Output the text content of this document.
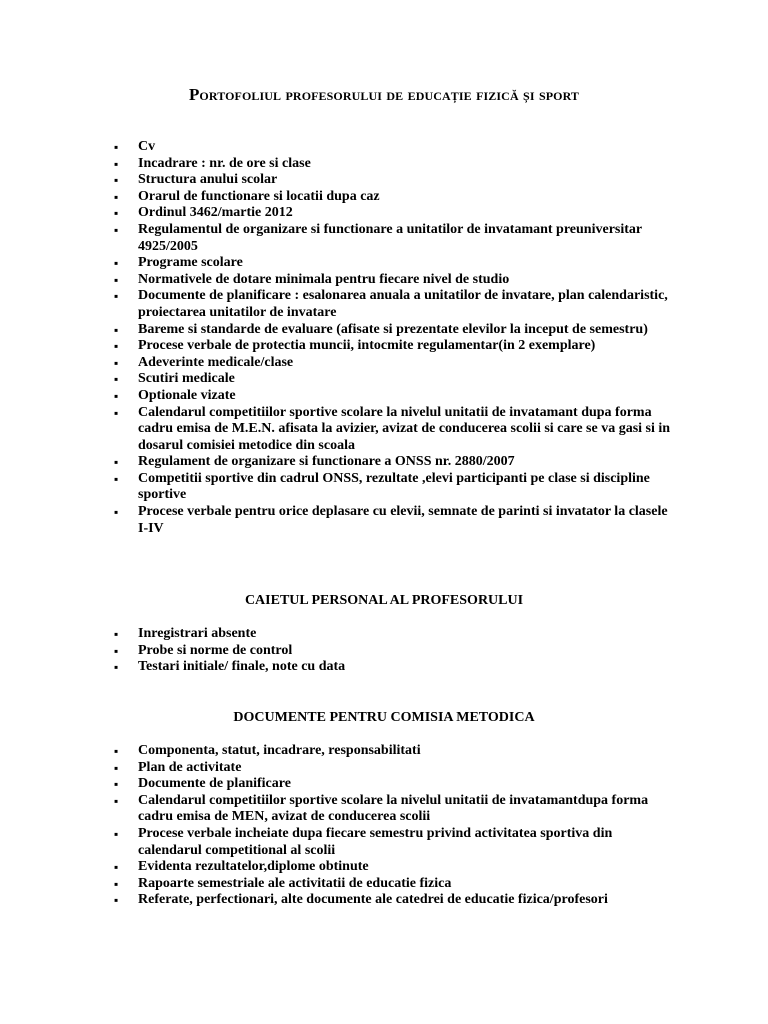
Portofoliul profesorului de educație fizică și sport
▪ Cv
▪ Incadrare : nr. de ore si clase
▪ Structura anului scolar
▪ Orarul de functionare si locatii dupa caz
▪ Ordinul 3462/martie 2012
▪ Regulamentul de organizare si functionare a unitatilor de invatamant preuniversitar 4925/2005
▪ Programe scolare
▪ Normativele de dotare minimala pentru fiecare nivel de studio
▪ Documente de planificare : esalonarea anuala a unitatilor de invatare, plan calendaristic, proiectarea unitatilor de invatare
▪ Bareme si standarde de evaluare (afisate si prezentate elevilor la inceput de semestru)
▪ Procese verbale de protectia muncii, intocmite regulamentar(in 2 exemplare)
▪ Adeverinte medicale/clase
▪ Scutiri medicale
▪ Optionale vizate
▪ Calendarul competitiilor sportive scolare la nivelul unitatii de invatamant dupa forma cadru emisa de M.E.N. afisata la avizier, avizat de conducerea scolii si care se va gasi si in dosarul comisiei metodice din scoala
▪ Regulament de organizare si functionare a ONSS nr. 2880/2007
▪ Competitii sportive din cadrul ONSS, rezultate ,elevi participanti pe clase si discipline sportive
▪ Procese verbale pentru orice deplasare cu elevii, semnate de parinti si invatator la clasele I-IV
CAIETUL PERSONAL AL PROFESORULUI
▪ Inregistrari absente
▪ Probe si norme de control
▪ Testari initiale/ finale, note cu data
DOCUMENTE PENTRU COMISIA METODICA
▪ Componenta, statut, incadrare, responsabilitati
▪ Plan de activitate
▪ Documente de planificare
▪ Calendarul competitiilor sportive scolare la nivelul unitatii de invatamantdupa forma cadru emisa de MEN, avizat de conducerea scolii
▪ Procese verbale incheiate dupa fiecare semestru privind activitatea sportiva din calendarul competitional al scolii
▪ Evidenta rezultatelor,diplome obtinute
▪ Rapoarte semestriale ale activitatii de educatie fizica
▪ Referate, perfectionari, alte documente ale catedrei de educatie fizica/profesori
